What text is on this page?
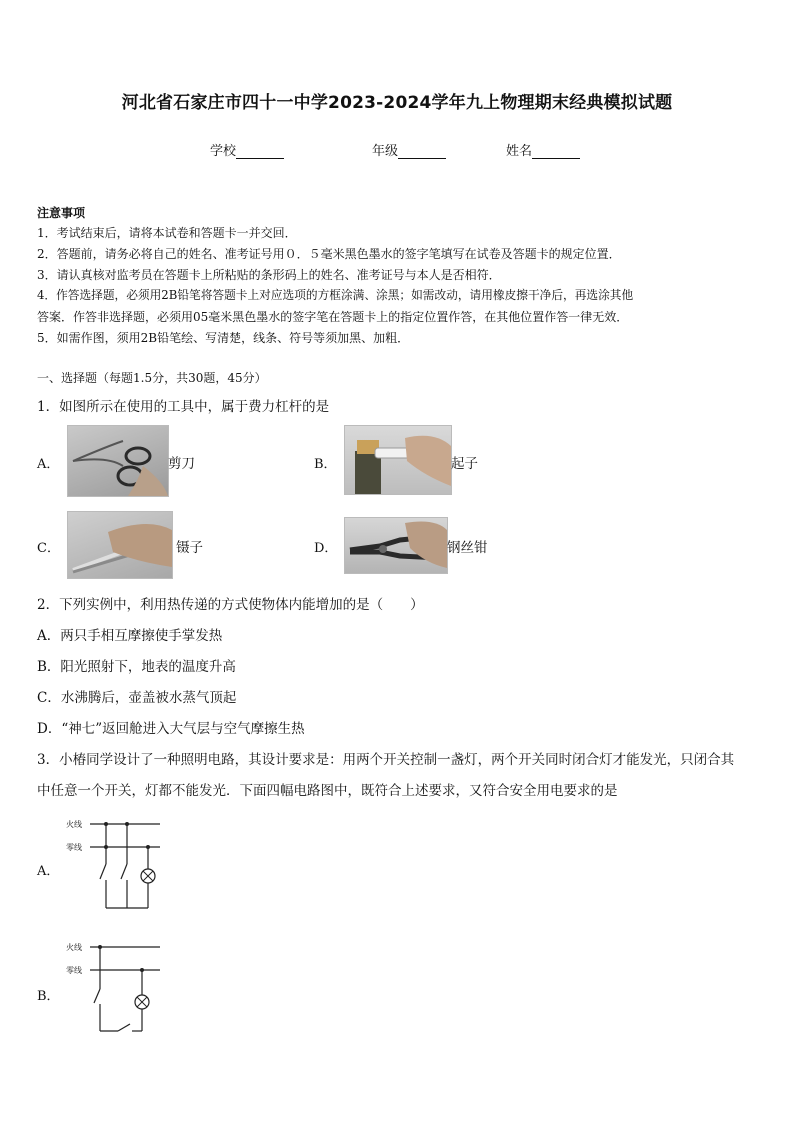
河北省石家庄市四十一中学2023-2024学年九上物理期末经典模拟试题
学校	年级	姓名
注意事项
1．考试结束后，请将本试卷和答题卡一并交回．
2．答题前，请务必将自己的姓名、准考证号用０．５毫米黑色墨水的签字笔填写在试卷及答题卡的规定位置．
3．请认真核对监考员在答题卡上所粘贴的条形码上的姓名、准考证号与本人是否相符．
4．作答选择题，必须用2B铅笔将答题卡上对应选项的方框涂满、涂黑；如需改动，请用橡皮擦干净后，再选涂其他
答案．作答非选择题，必须用05毫米黑色墨水的签字笔在答题卡上的指定位置作答，在其他位置作答一律无效．
5．如需作图，须用2B铅笔绘、写清楚，线条、符号等须加黑、加粗．
一、选择题（每题1.5分，共30题，45分）
1．如图所示在使用的工具中，属于费力杠杆的是
A．	剪刀	B．	起子
C．	镊子	D．	钢丝钳
2．下列实例中，利用热传递的方式使物体内能增加的是（　　）
A．两只手相互摩擦使手掌发热
B．阳光照射下，地表的温度升高
C．水沸腾后，壶盖被水蒸气顶起
D．“神七”返回舱进入大气层与空气摩擦生热
3．小椿同学设计了一种照明电路，其设计要求是：用两个开关控制一盏灯，两个开关同时闭合灯才能发光，只闭合其
中任意一个开关，灯都不能发光．下面四幅电路图中，既符合上述要求，又符合安全用电要求的是
A．
火线
零线
B．
火线
零线
